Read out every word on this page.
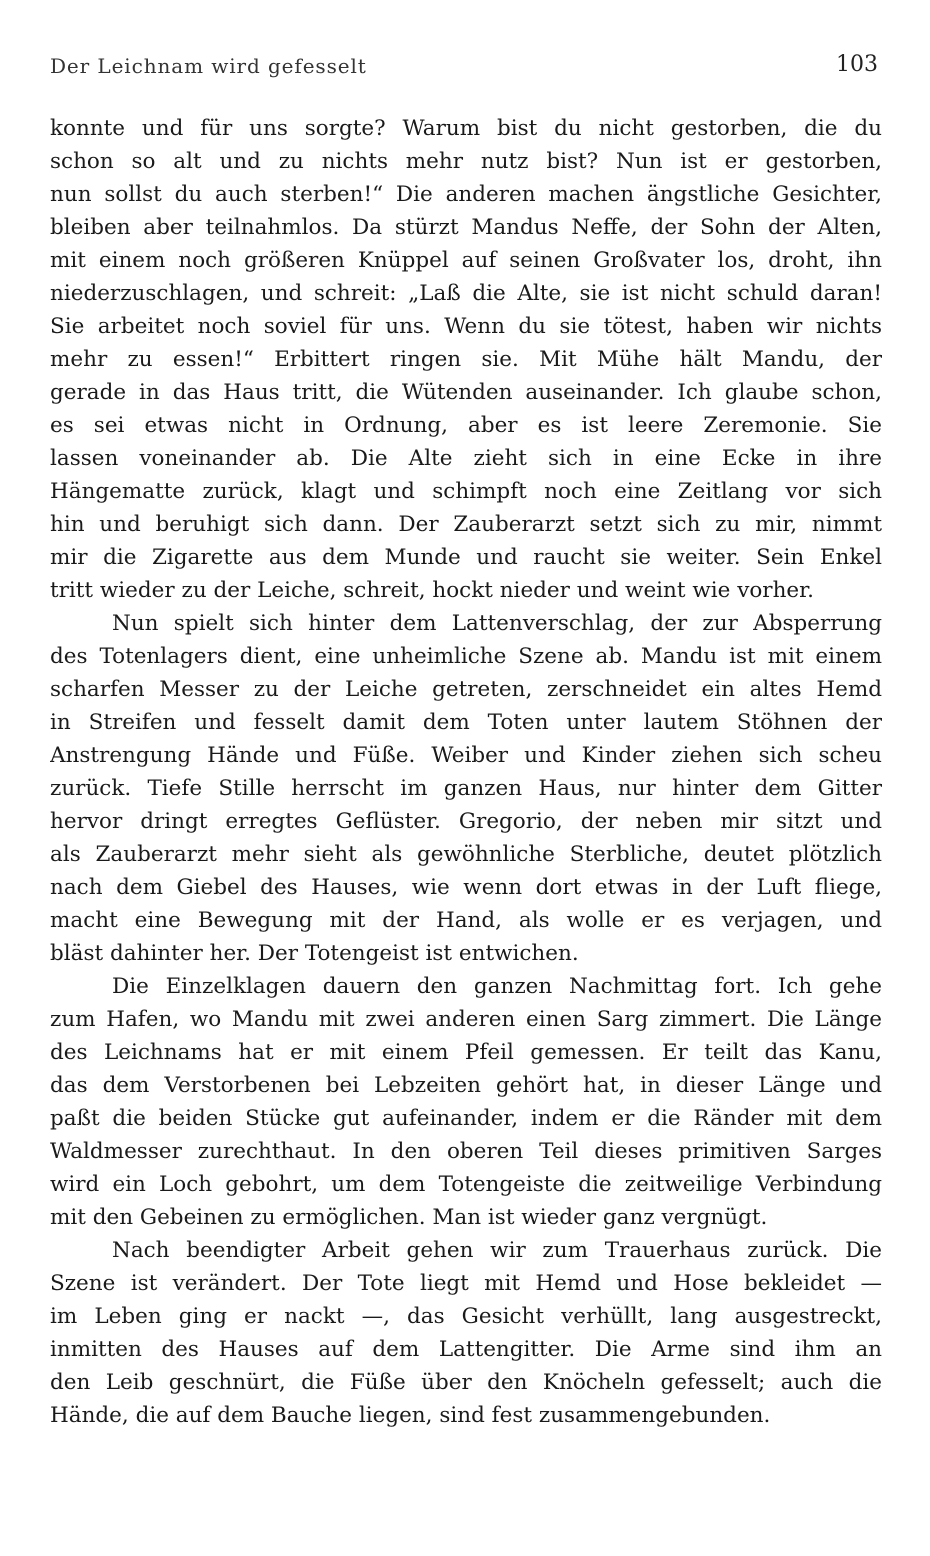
Der Leichnam wird gefesselt	103
konnte und für uns sorgte? Warum bist du nicht gestorben, die du
schon so alt und zu nichts mehr nutz bist? Nun ist er gestorben,
nun sollst du auch sterben!“ Die anderen machen ängstliche Gesichter,
bleiben aber teilnahmlos. Da stürzt Mandus Neffe, der Sohn der Alten,
mit einem noch größeren Knüppel auf seinen Großvater los, droht, ihn
niederzuschlagen, und schreit: „Laß die Alte, sie ist nicht schuld daran!
Sie arbeitet noch soviel für uns. Wenn du sie tötest, haben wir nichts
mehr zu essen!“ Erbittert ringen sie. Mit Mühe hält Mandu, der
gerade in das Haus tritt, die Wütenden auseinander. Ich glaube schon,
es sei etwas nicht in Ordnung, aber es ist leere Zeremonie. Sie
lassen voneinander ab. Die Alte zieht sich in eine Ecke in ihre
Hängematte zurück, klagt und schimpft noch eine Zeitlang vor sich
hin und beruhigt sich dann. Der Zauberarzt setzt sich zu mir, nimmt
mir die Zigarette aus dem Munde und raucht sie weiter. Sein Enkel
tritt wieder zu der Leiche, schreit, hockt nieder und weint wie vorher.
Nun spielt sich hinter dem Lattenverschlag, der zur Absperrung
des Totenlagers dient, eine unheimliche Szene ab. Mandu ist mit einem
scharfen Messer zu der Leiche getreten, zerschneidet ein altes Hemd
in Streifen und fesselt damit dem Toten unter lautem Stöhnen der
Anstrengung Hände und Füße. Weiber und Kinder ziehen sich scheu
zurück. Tiefe Stille herrscht im ganzen Haus, nur hinter dem Gitter
hervor dringt erregtes Geflüster. Gregorio, der neben mir sitzt und
als Zauberarzt mehr sieht als gewöhnliche Sterbliche, deutet plötzlich
nach dem Giebel des Hauses, wie wenn dort etwas in der Luft fliege,
macht eine Bewegung mit der Hand, als wolle er es verjagen, und
bläst dahinter her. Der Totengeist ist entwichen.
Die Einzelklagen dauern den ganzen Nachmittag fort. Ich gehe
zum Hafen, wo Mandu mit zwei anderen einen Sarg zimmert. Die Länge
des Leichnams hat er mit einem Pfeil gemessen. Er teilt das Kanu,
das dem Verstorbenen bei Lebzeiten gehört hat, in dieser Länge und
paßt die beiden Stücke gut aufeinander, indem er die Ränder mit dem
Waldmesser zurechthaut. In den oberen Teil dieses primitiven Sarges
wird ein Loch gebohrt, um dem Totengeiste die zeitweilige Verbindung
mit den Gebeinen zu ermöglichen. Man ist wieder ganz vergnügt.
Nach beendigter Arbeit gehen wir zum Trauerhaus zurück. Die
Szene ist verändert. Der Tote liegt mit Hemd und Hose bekleidet —
im Leben ging er nackt —, das Gesicht verhüllt, lang ausgestreckt,
inmitten des Hauses auf dem Lattengitter. Die Arme sind ihm an
den Leib geschnürt, die Füße über den Knöcheln gefesselt; auch die
Hände, die auf dem Bauche liegen, sind fest zusammengebunden.
